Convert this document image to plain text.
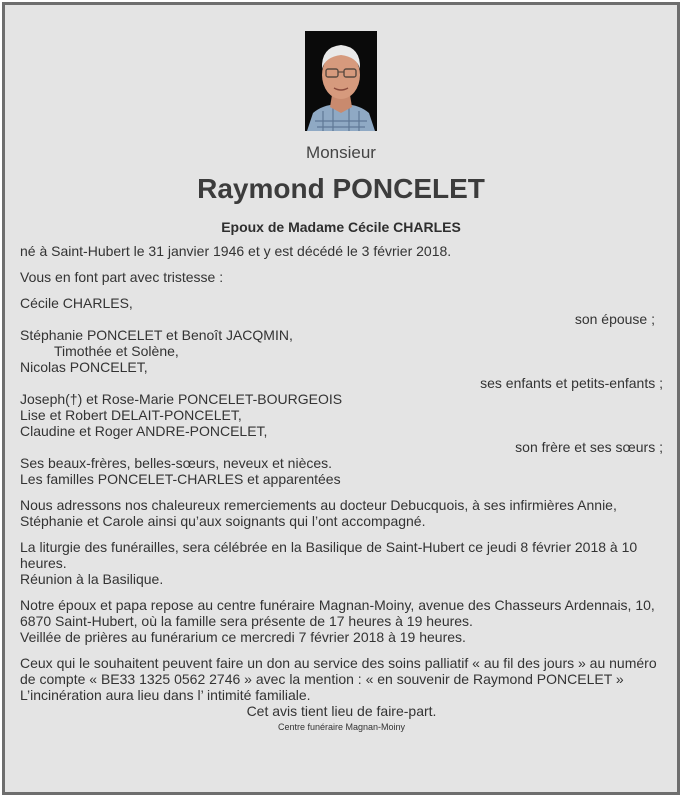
Monsieur
Raymond PONCELET
Epoux de Madame Cécile CHARLES

né à Saint-Hubert le 31 janvier 1946 et y est décédé le 3 février 2018.

Vous en font part avec tristesse :

Cécile CHARLES,

son épouse ;

Stéphanie PONCELET et Benoît JACQMIN,

Timothée et Solène,

Nicolas PONCELET,

ses enfants et petits-enfants ;

Joseph(†) et Rose-Marie PONCELET-BOURGEOIS

Lise et Robert DELAIT-PONCELET,

Claudine et Roger ANDRE-PONCELET,

son frère et ses sœurs ;

Ses beaux-frères, belles-sœurs, neveux et nièces.

Les familles PONCELET-CHARLES et apparentées

Nous adressons nos chaleureux remerciements au docteur Debucquois, à ses infirmières Annie, Stéphanie et Carole ainsi qu’aux soignants qui l’ont accompagné.

La liturgie des funérailles, sera célébrée en la Basilique de Saint-Hubert ce jeudi 8 février 2018 à 10 heures.

Réunion à la Basilique.

Notre époux et papa repose au centre funéraire Magnan-Moiny, avenue des Chasseurs Ardennais, 10, 6870 Saint-Hubert, où la famille sera présente de 17 heures à 19 heures.

Veillée de prières au funérarium ce mercredi 7 février 2018 à 19 heures.

Ceux qui le souhaitent peuvent faire un don au service des soins palliatif « au fil des jours » au numéro de compte « BE33 1325 0562 2746 » avec la mention : « en souvenir de Raymond PONCELET »

L’incinération aura lieu dans l’ intimité familiale.

Cet avis tient lieu de faire-part.

Centre funéraire Magnan-Moiny
